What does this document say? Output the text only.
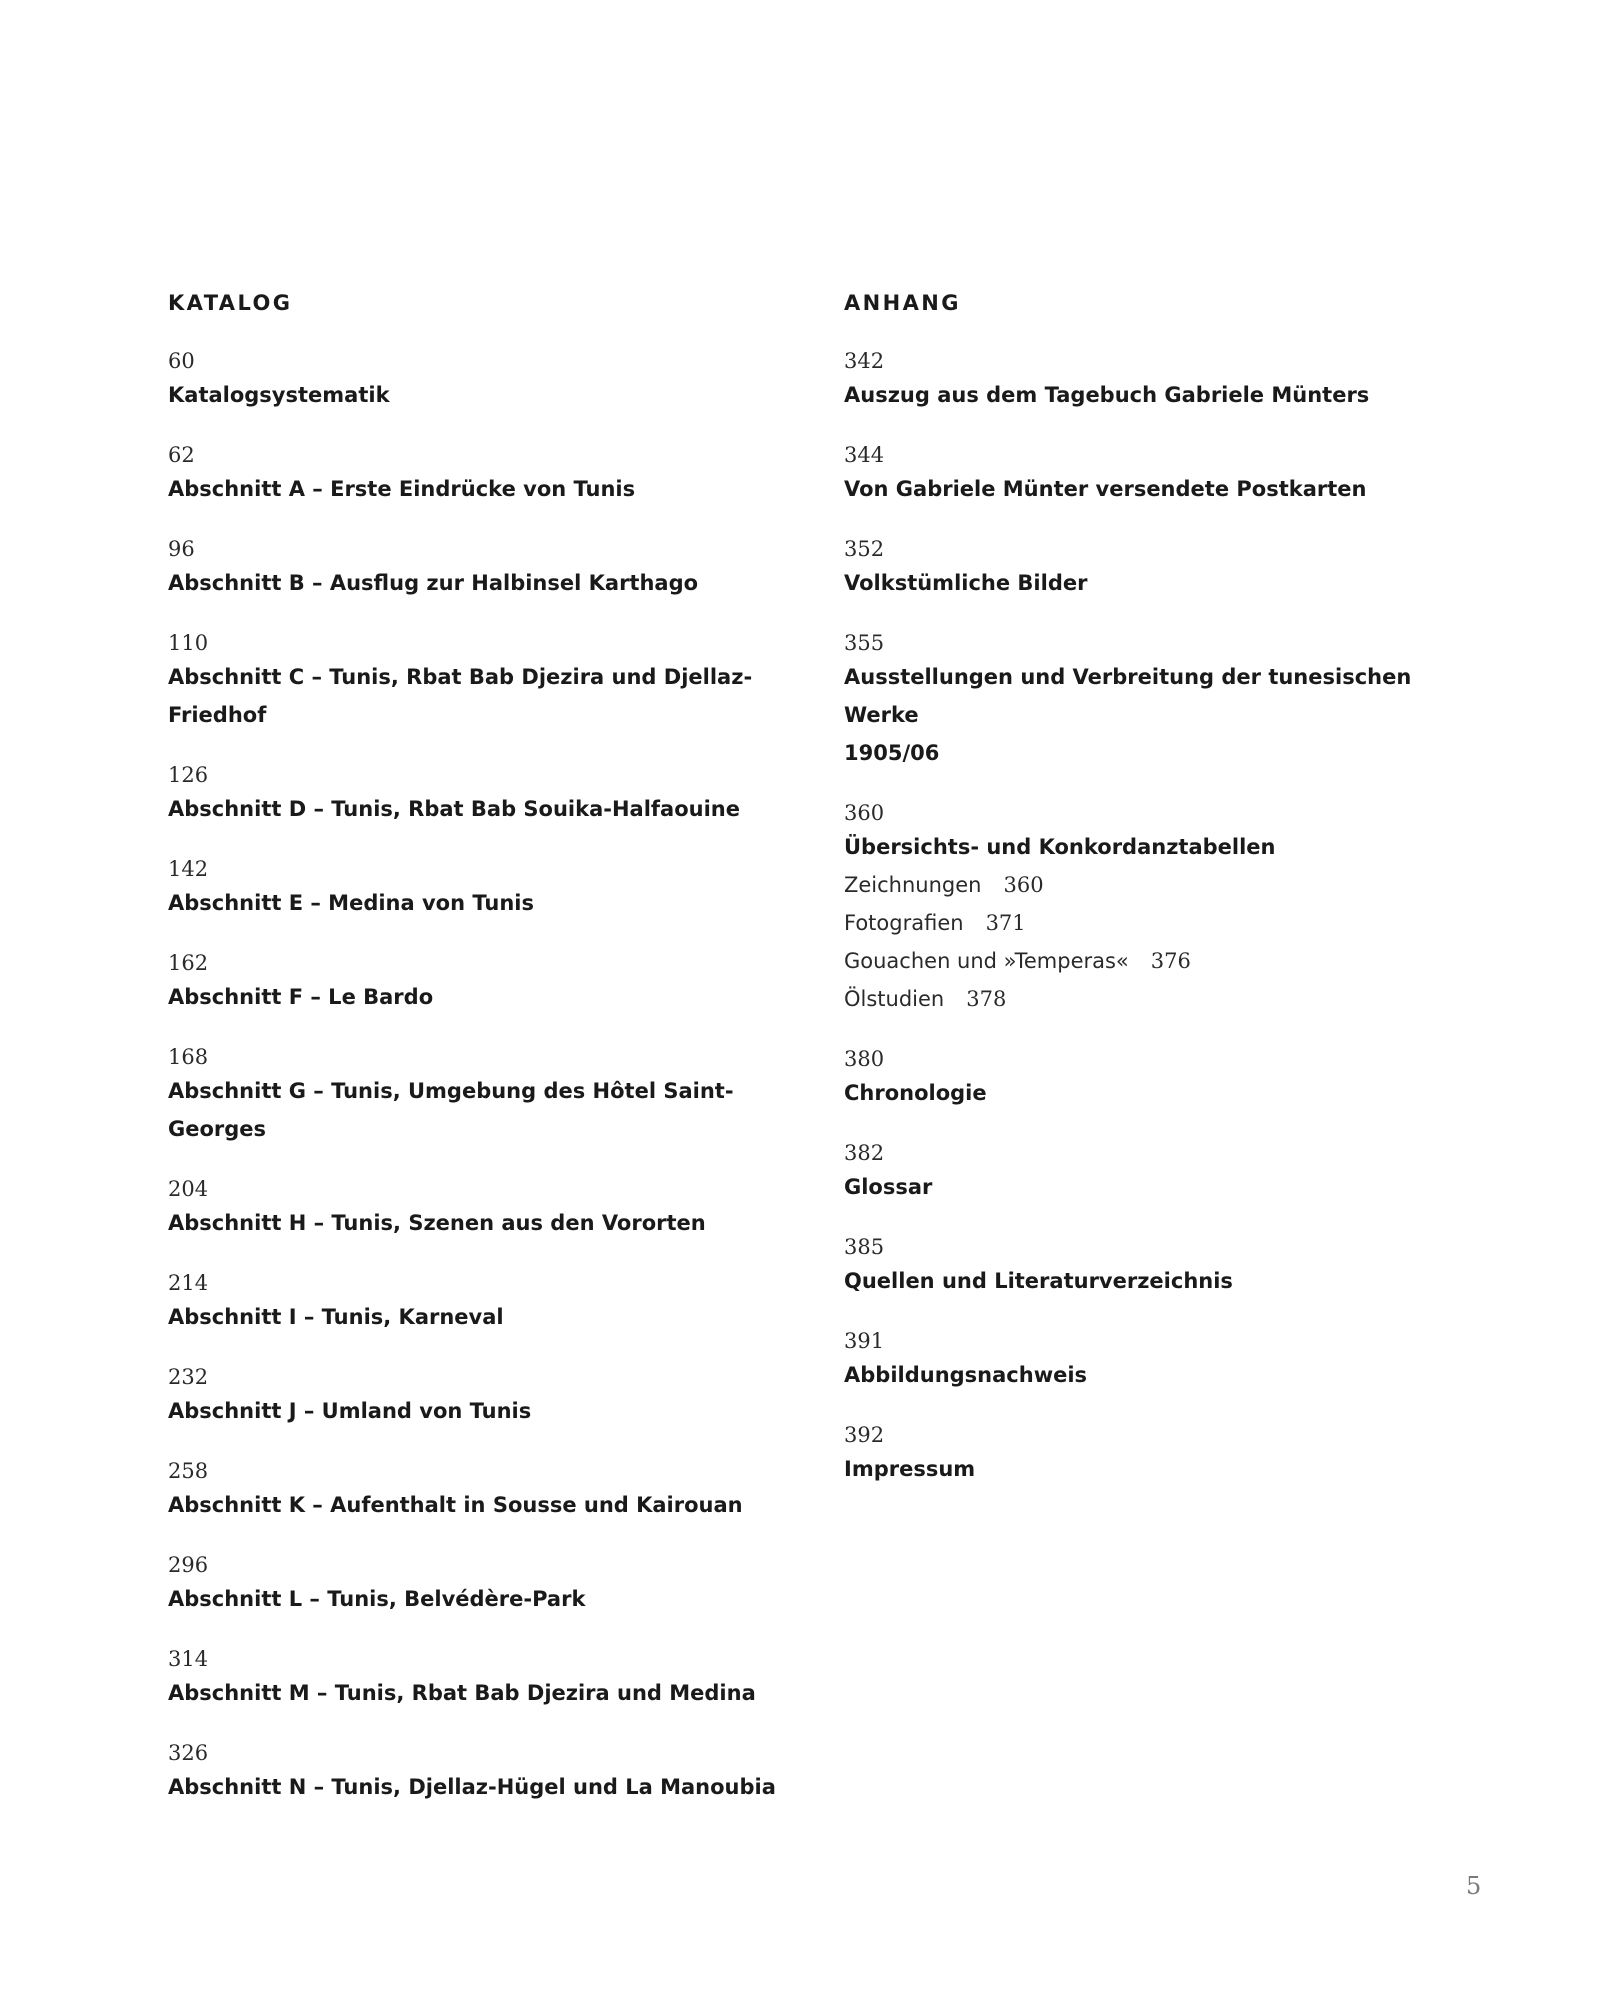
KATALOG
60
Katalogsystematik
62
Abschnitt A – Erste Eindrücke von Tunis
96
Abschnitt B – Ausflug zur Halbinsel Karthago
110
Abschnitt C – Tunis, Rbat Bab Djezira und Djellaz-Friedhof
126
Abschnitt D – Tunis, Rbat Bab Souika-Halfaouine
142
Abschnitt E – Medina von Tunis
162
Abschnitt F – Le Bardo
168
Abschnitt G – Tunis, Umgebung des Hôtel Saint-Georges
204
Abschnitt H – Tunis, Szenen aus den Vororten
214
Abschnitt I – Tunis, Karneval
232
Abschnitt J – Umland von Tunis
258
Abschnitt K – Aufenthalt in Sousse und Kairouan
296
Abschnitt L – Tunis, Belvédère-Park
314
Abschnitt M – Tunis, Rbat Bab Djezira und Medina
326
Abschnitt N – Tunis, Djellaz-Hügel und La Manoubia
ANHANG
342
Auszug aus dem Tagebuch Gabriele Münters
344
Von Gabriele Münter versendete Postkarten
352
Volkstümliche Bilder
355
Ausstellungen und Verbreitung der tunesischen Werke
1905/06
360
Übersichts- und Konkordanztabellen
Zeichnungen 360
Fotografien 371
Gouachen und »Temperas« 376
Ölstudien 378
380
Chronologie
382
Glossar
385
Quellen und Literaturverzeichnis
391
Abbildungsnachweis
392
Impressum
5
